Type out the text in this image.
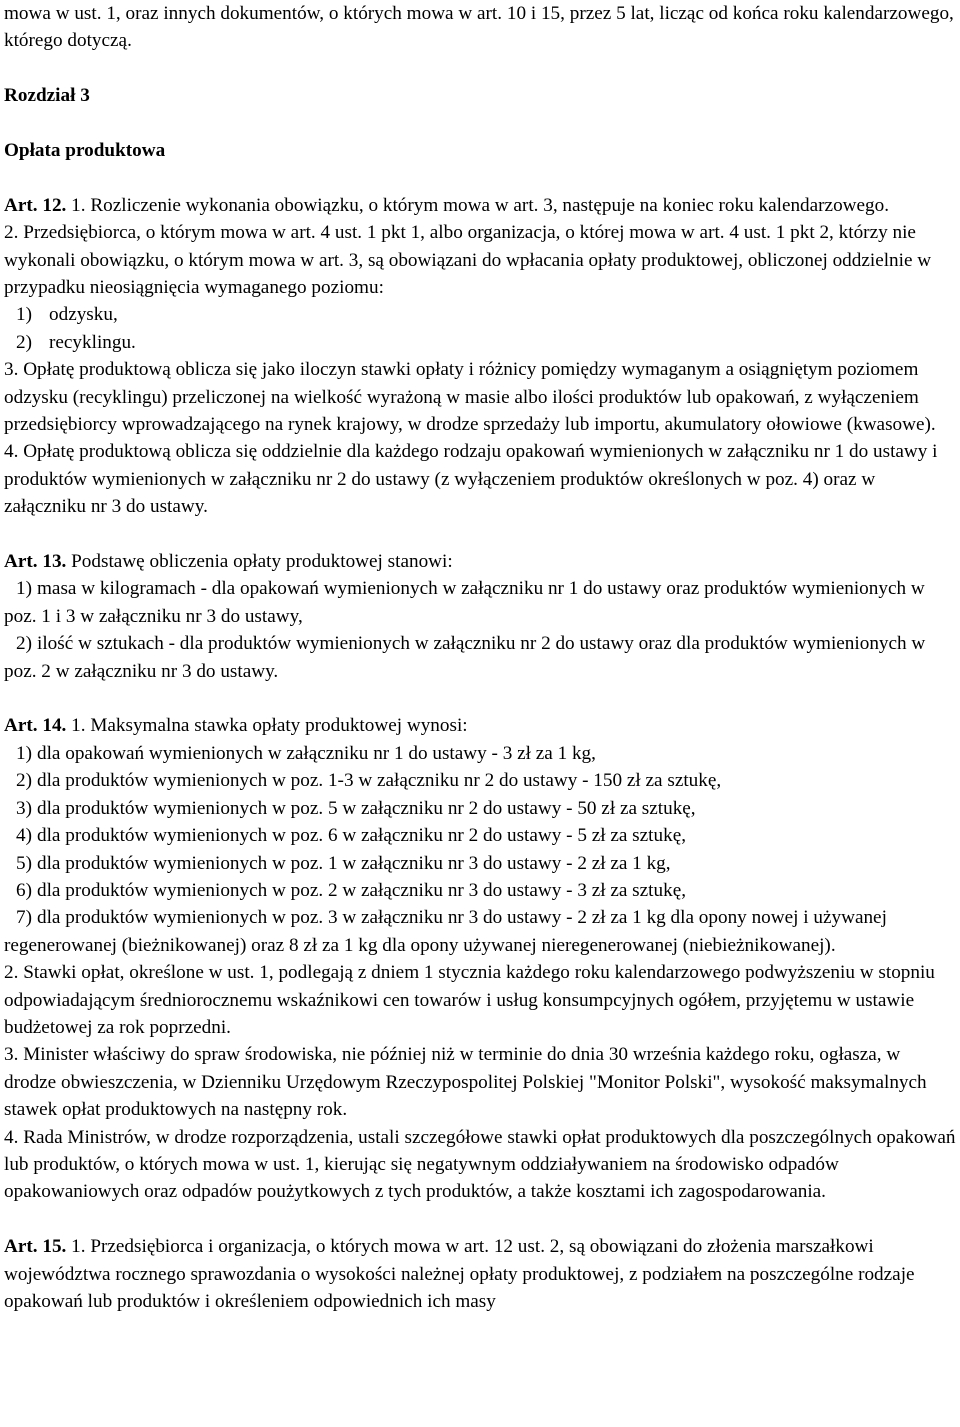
mowa w ust. 1, oraz innych dokumentów, o których mowa w art. 10 i 15, przez 5 lat, licząc od końca roku kalendarzowego, którego dotyczą.

Rozdział 3

Opłata produktowa

Art. 12. 1. Rozliczenie wykonania obowiązku, o którym mowa w art. 3, następuje na koniec roku kalendarzowego.

2. Przedsiębiorca, o którym mowa w art. 4 ust. 1 pkt 1, albo organizacja, o której mowa w art. 4 ust. 1 pkt 2, którzy nie wykonali obowiązku, o którym mowa w art. 3, są obowiązani do wpłacania opłaty produktowej, obliczonej oddzielnie w przypadku nieosiągnięcia wymaganego poziomu:

1) odzysku,

2) recyklingu.

3. Opłatę produktową oblicza się jako iloczyn stawki opłaty i różnicy pomiędzy wymaganym a osiągniętym poziomem odzysku (recyklingu) przeliczonej na wielkość wyrażoną w masie albo ilości produktów lub opakowań, z wyłączeniem przedsiębiorcy wprowadzającego na rynek krajowy, w drodze sprzedaży lub importu, akumulatory ołowiowe (kwasowe).

4. Opłatę produktową oblicza się oddzielnie dla każdego rodzaju opakowań wymienionych w załączniku nr 1 do ustawy i produktów wymienionych w załączniku nr 2 do ustawy (z wyłączeniem produktów określonych w poz. 4) oraz w załączniku nr 3 do ustawy.

Art. 13. Podstawę obliczenia opłaty produktowej stanowi:

1) masa w kilogramach - dla opakowań wymienionych w załączniku nr 1 do ustawy oraz produktów wymienionych w poz. 1 i 3 w załączniku nr 3 do ustawy,

2) ilość w sztukach - dla produktów wymienionych w załączniku nr 2 do ustawy oraz dla produktów wymienionych w poz. 2 w załączniku nr 3 do ustawy.

Art. 14. 1. Maksymalna stawka opłaty produktowej wynosi:

1) dla opakowań wymienionych w załączniku nr 1 do ustawy - 3 zł za 1 kg,

2) dla produktów wymienionych w poz. 1-3 w załączniku nr 2 do ustawy - 150 zł za sztukę,

3) dla produktów wymienionych w poz. 5 w załączniku nr 2 do ustawy - 50 zł za sztukę,

4) dla produktów wymienionych w poz. 6 w załączniku nr 2 do ustawy - 5 zł za sztukę,

5) dla produktów wymienionych w poz. 1 w załączniku nr 3 do ustawy - 2 zł za 1 kg,

6) dla produktów wymienionych w poz. 2 w załączniku nr 3 do ustawy - 3 zł za sztukę,

7) dla produktów wymienionych w poz. 3 w załączniku nr 3 do ustawy - 2 zł za 1 kg dla opony nowej i używanej regenerowanej (bieżnikowanej) oraz 8 zł za 1 kg dla opony używanej nieregenerowanej (niebieżnikowanej).

2. Stawki opłat, określone w ust. 1, podlegają z dniem 1 stycznia każdego roku kalendarzowego podwyższeniu w stopniu odpowiadającym średniorocznemu wskaźnikowi cen towarów i usług konsumpcyjnych ogółem, przyjętemu w ustawie budżetowej za rok poprzedni.

3. Minister właściwy do spraw środowiska, nie później niż w terminie do dnia 30 września każdego roku, ogłasza, w drodze obwieszczenia, w Dzienniku Urzędowym Rzeczypospolitej Polskiej "Monitor Polski", wysokość maksymalnych stawek opłat produktowych na następny rok.

4. Rada Ministrów, w drodze rozporządzenia, ustali szczegółowe stawki opłat produktowych dla poszczególnych opakowań lub produktów, o których mowa w ust. 1, kierując się negatywnym oddziaływaniem na środowisko odpadów opakowaniowych oraz odpadów poużytkowych z tych produktów, a także kosztami ich zagospodarowania.

Art. 15. 1. Przedsiębiorca i organizacja, o których mowa w art. 12 ust. 2, są obowiązani do złożenia marszałkowi województwa rocznego sprawozdania o wysokości należnej opłaty produktowej, z podziałem na poszczególne rodzaje opakowań lub produktów i określeniem odpowiednich ich masy
